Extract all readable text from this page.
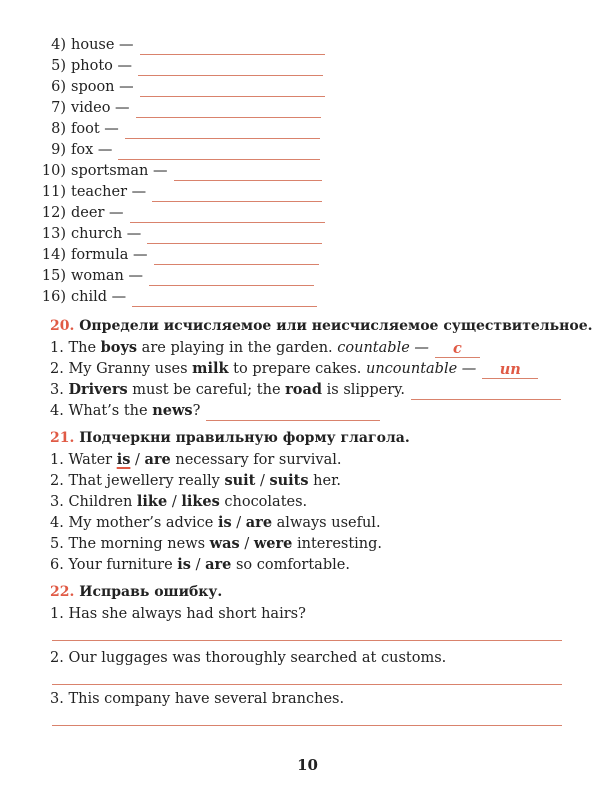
4) house —
5) photo —
6) spoon —
7) video —
8) foot —
9) fox —
10) sportsman —
11) teacher —
12) deer —
13) church —
14) formula —
15) woman —
16) child —
20.
Определи исчисляемое или неисчисляемое существительное.
1.
The
boys
are playing in the garden.
countable — c
2.
My Granny uses
milk
to prepare cakes.
uncountable — un
3.
Drivers
must be careful; the
road
is slippery.
4.
What’s the
news ?
21.
Подчеркни правильную форму глагола.
1.
Water
is
/
are
necessary for survival.
2.
That jewellery really
suit
/
suits
her.
3.
Children
like
/
likes
chocolates.
4.
My mother’s advice
is
/
are
always useful.
5.
The morning news
was
/
were
interesting.
6.
Your furniture
is
/
are
so comfortable.
22.
Исправь ошибку.
1.
Has she always had short hairs?
2.
Our luggages was thoroughly searched at customs.
3.
This company have several branches.
10
